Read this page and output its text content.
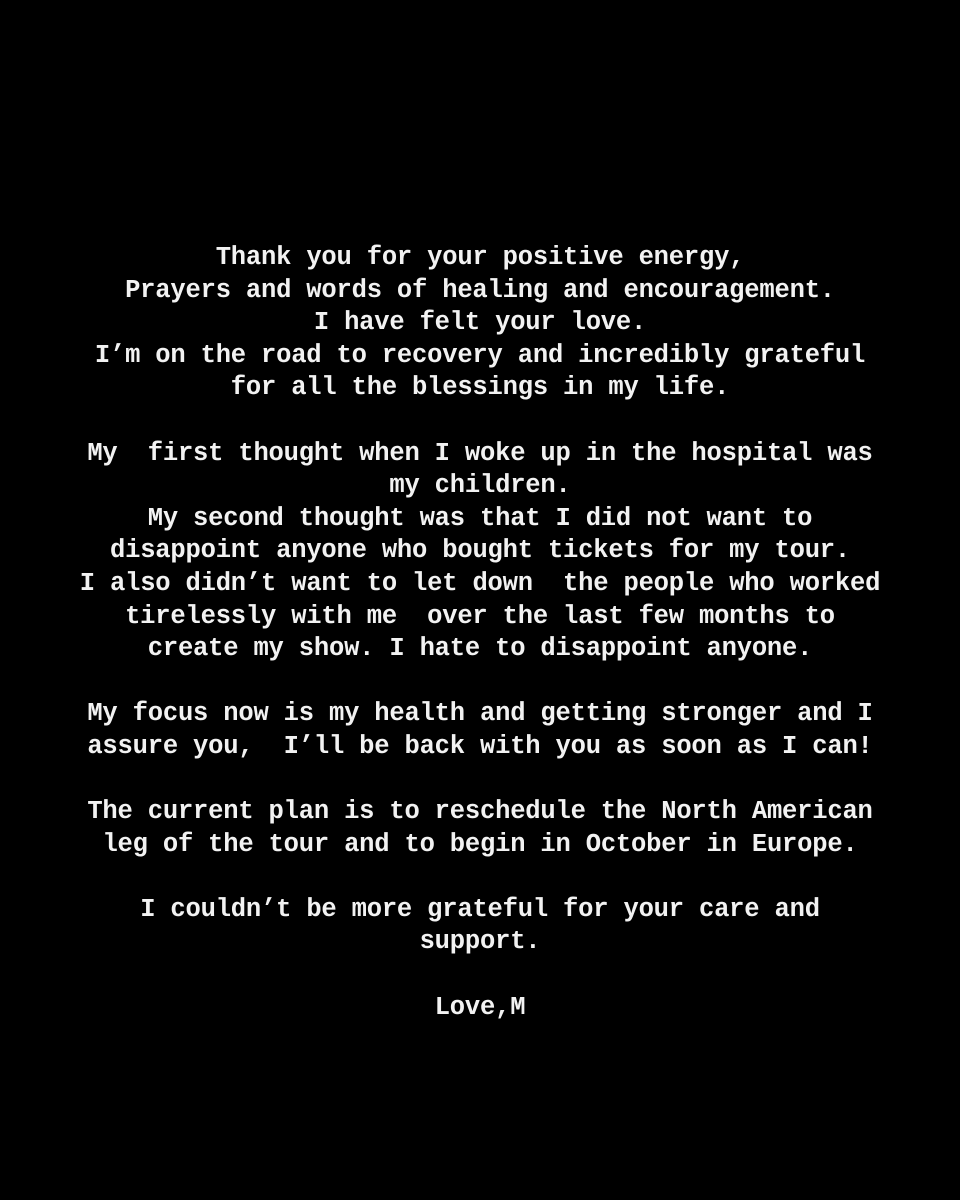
Thank you for your positive energy,
Prayers and words of healing and encouragement.
I have felt your love.
I’m on the road to recovery and incredibly grateful
for all the blessings in my life.
My  first thought when I woke up in the hospital was
my children.
My second thought was that I did not want to
disappoint anyone who bought tickets for my tour.
I also didn’t want to let down  the people who worked
tirelessly with me  over the last few months to
create my show. I hate to disappoint anyone.
My focus now is my health and getting stronger and I
assure you,  I’ll be back with you as soon as I can!
The current plan is to reschedule the North American
leg of the tour and to begin in October in Europe.
I couldn’t be more grateful for your care and
support.
Love,M
